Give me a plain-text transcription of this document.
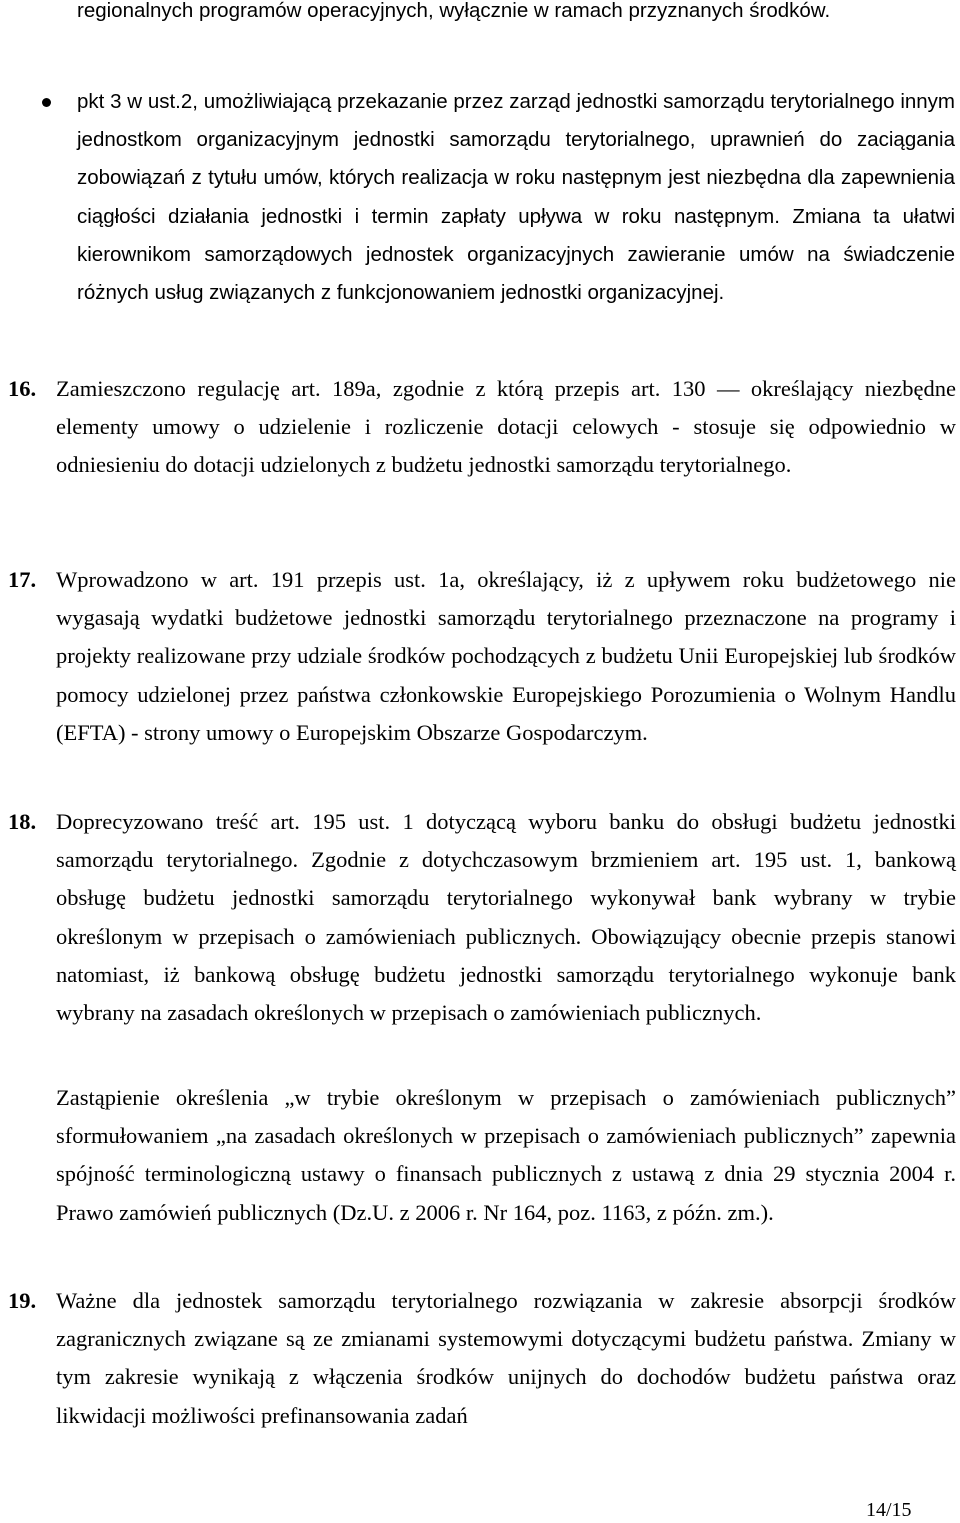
regionalnych programów operacyjnych, wyłącznie w ramach przyznanych środków.
pkt 3 w ust.2, umożliwiającą przekazanie przez zarząd jednostki samorządu terytorialnego innym jednostkom organizacyjnym jednostki samorządu terytorialnego, uprawnień do zaciągania zobowiązań z tytułu umów, których realizacja w roku następnym jest niezbędna dla zapewnienia ciągłości działania jednostki i termin zapłaty upływa w roku następnym. Zmiana ta ułatwi kierownikom samorządowych jednostek organizacyjnych zawieranie umów na świadczenie różnych usług związanych z funkcjonowaniem jednostki organizacyjnej.
16. Zamieszczono regulację art. 189a, zgodnie z którą przepis art. 130 — określający niezbędne elementy umowy o udzielenie i rozliczenie dotacji celowych - stosuje się odpowiednio w odniesieniu do dotacji udzielonych z budżetu jednostki samorządu terytorialnego.
17. Wprowadzono w art. 191 przepis ust. 1a, określający, iż z upływem roku budżetowego nie wygasają wydatki budżetowe jednostki samorządu terytorialnego przeznaczone na programy i projekty realizowane przy udziale środków pochodzących z budżetu Unii Europejskiej lub środków pomocy udzielonej przez państwa członkowskie Europejskiego Porozumienia o Wolnym Handlu (EFTA) - strony umowy o Europejskim Obszarze Gospodarczym.
18. Doprecyzowano treść art. 195 ust. 1 dotyczącą wyboru banku do obsługi budżetu jednostki samorządu terytorialnego. Zgodnie z dotychczasowym brzmieniem art. 195 ust. 1, bankową obsługę budżetu jednostki samorządu terytorialnego wykonywał bank wybrany w trybie określonym w przepisach o zamówieniach publicznych. Obowiązujący obecnie przepis stanowi natomiast, iż bankową obsługę budżetu jednostki samorządu terytorialnego wykonuje bank wybrany na zasadach określonych w przepisach o zamówieniach publicznych.
Zastąpienie określenia „w trybie określonym w przepisach o zamówieniach publicznych” sformułowaniem „na zasadach określonych w przepisach o zamówieniach publicznych” zapewnia spójność terminologiczną ustawy o finansach publicznych z ustawą z dnia 29 stycznia 2004 r. Prawo zamówień publicznych (Dz.U. z 2006 r. Nr 164, poz. 1163, z późn. zm.).
19. Ważne dla jednostek samorządu terytorialnego rozwiązania w zakresie absorpcji środków zagranicznych związane są ze zmianami systemowymi dotyczącymi budżetu państwa. Zmiany w tym zakresie wynikają z włączenia środków unijnych do dochodów budżetu państwa oraz likwidacji możliwości prefinansowania zadań
14/15
